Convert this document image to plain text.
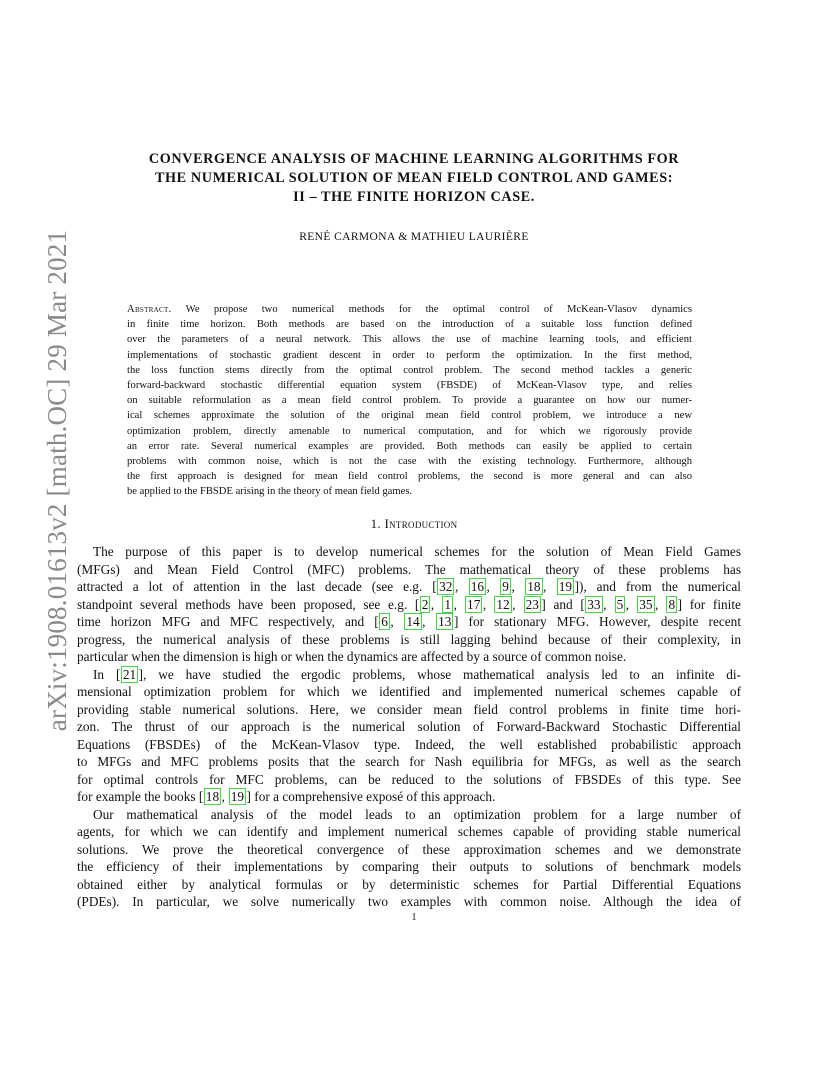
arXiv:1908.01613v2 [math.OC] 29 Mar 2021
CONVERGENCE ANALYSIS OF MACHINE LEARNING ALGORITHMS FOR
THE NUMERICAL SOLUTION OF MEAN FIELD CONTROL AND GAMES:
II – THE FINITE HORIZON CASE.
RENÉ CARMONA & MATHIEU LAURIÈRE
Abstract. We propose two numerical methods for the optimal control of McKean-Vlasov dynamics
in finite time horizon. Both methods are based on the introduction of a suitable loss function defined
over the parameters of a neural network. This allows the use of machine learning tools, and efficient
implementations of stochastic gradient descent in order to perform the optimization. In the first method,
the loss function stems directly from the optimal control problem. The second method tackles a generic
forward-backward stochastic differential equation system (FBSDE) of McKean-Vlasov type, and relies
on suitable reformulation as a mean field control problem. To provide a guarantee on how our numer-
ical schemes approximate the solution of the original mean field control problem, we introduce a new
optimization problem, directly amenable to numerical computation, and for which we rigorously provide
an error rate. Several numerical examples are provided. Both methods can easily be applied to certain
problems with common noise, which is not the case with the existing technology. Furthermore, although
the first approach is designed for mean field control problems, the second is more general and can also
be applied to the FBSDE arising in the theory of mean field games.
1. Introduction
The purpose of this paper is to develop numerical schemes for the solution of Mean Field Games
(MFGs) and Mean Field Control (MFC) problems. The mathematical theory of these problems has
attracted a lot of attention in the last decade (see e.g. [ 32 , 16 , 9 , 18 , 19 ]), and from the numerical
standpoint several methods have been proposed, see e.g. [ 2 , 1 , 17 , 12 , 23 ] and [ 33 , 5 , 35 , 8 ] for finite
time horizon MFG and MFC respectively, and [ 6 , 14 , 13 ] for stationary MFG. However, despite recent
progress, the numerical analysis of these problems is still lagging behind because of their complexity, in
particular when the dimension is high or when the dynamics are affected by a source of common noise.
In [ 21 ], we have studied the ergodic problems, whose mathematical analysis led to an infinite di-
mensional optimization problem for which we identified and implemented numerical schemes capable of
providing stable numerical solutions. Here, we consider mean field control problems in finite time hori-
zon. The thrust of our approach is the numerical solution of Forward-Backward Stochastic Differential
Equations (FBSDEs) of the McKean-Vlasov type. Indeed, the well established probabilistic approach
to MFGs and MFC problems posits that the search for Nash equilibria for MFGs, as well as the search
for optimal controls for MFC problems, can be reduced to the solutions of FBSDEs of this type. See
for example the books [ 18 , 19 ] for a comprehensive exposé of this approach.
Our mathematical analysis of the model leads to an optimization problem for a large number of
agents, for which we can identify and implement numerical schemes capable of providing stable numerical
solutions. We prove the theoretical convergence of these approximation schemes and we demonstrate
the efficiency of their implementations by comparing their outputs to solutions of benchmark models
obtained either by analytical formulas or by deterministic schemes for Partial Differential Equations
(PDEs). In particular, we solve numerically two examples with common noise. Although the idea of
1
